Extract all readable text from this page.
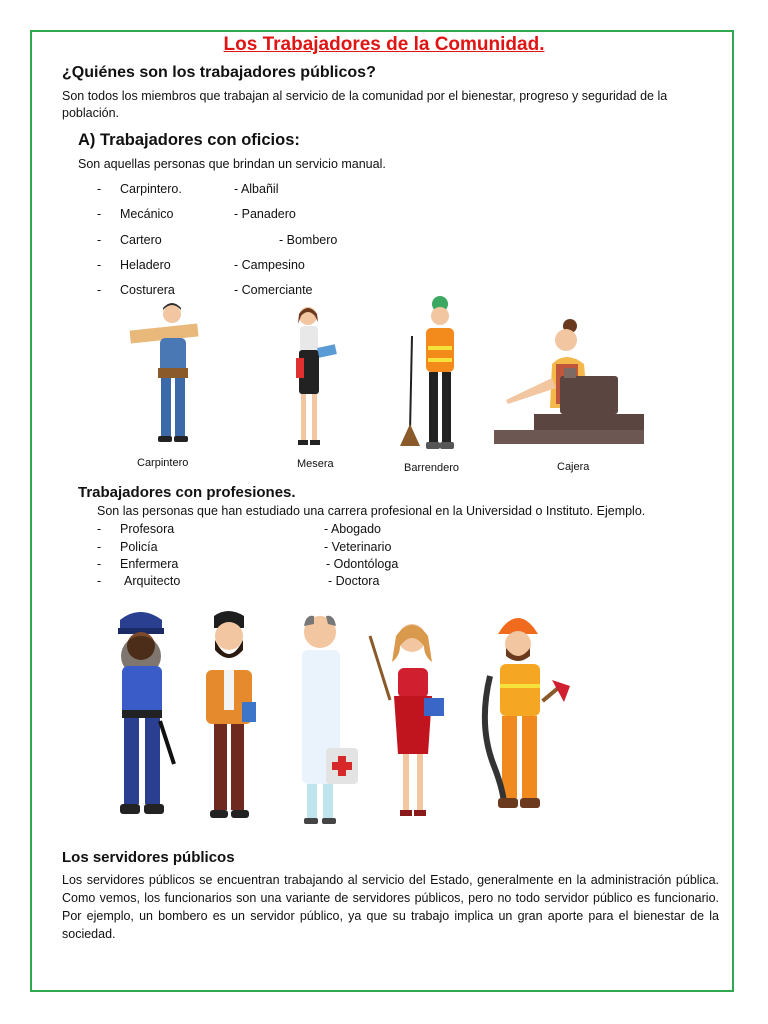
Los Trabajadores de la Comunidad.
¿Quiénes son los trabajadores públicos?
Son todos los miembros que trabajan al servicio de la comunidad por el bienestar, progreso y seguridad de la población.
A) Trabajadores con oficios:
Son aquellas personas que brindan un servicio manual.
- Carpintero.	- Albañil
- Mecánico	- Panadero
- Cartero	- Bombero
- Heladero	- Campesino
- Costurera	- Comerciante
Carpintero	Mesera	Barrendero	Cajera
Trabajadores con profesiones.
Son las personas que han estudiado una carrera profesional en la Universidad o Instituto. Ejemplo.
- Profesora	- Abogado
- Policía	- Veterinario
- Enfermera	- Odontóloga
- Arquitecto	- Doctora
Los servidores públicos
Los servidores públicos se encuentran trabajando al servicio del Estado, generalmente en la administración pública. Como vemos, los funcionarios son una variante de servidores públicos, pero no todo servidor público es funcionario. Por ejemplo, un bombero es un servidor público, ya que su trabajo implica un gran aporte para el bienestar de la sociedad.
